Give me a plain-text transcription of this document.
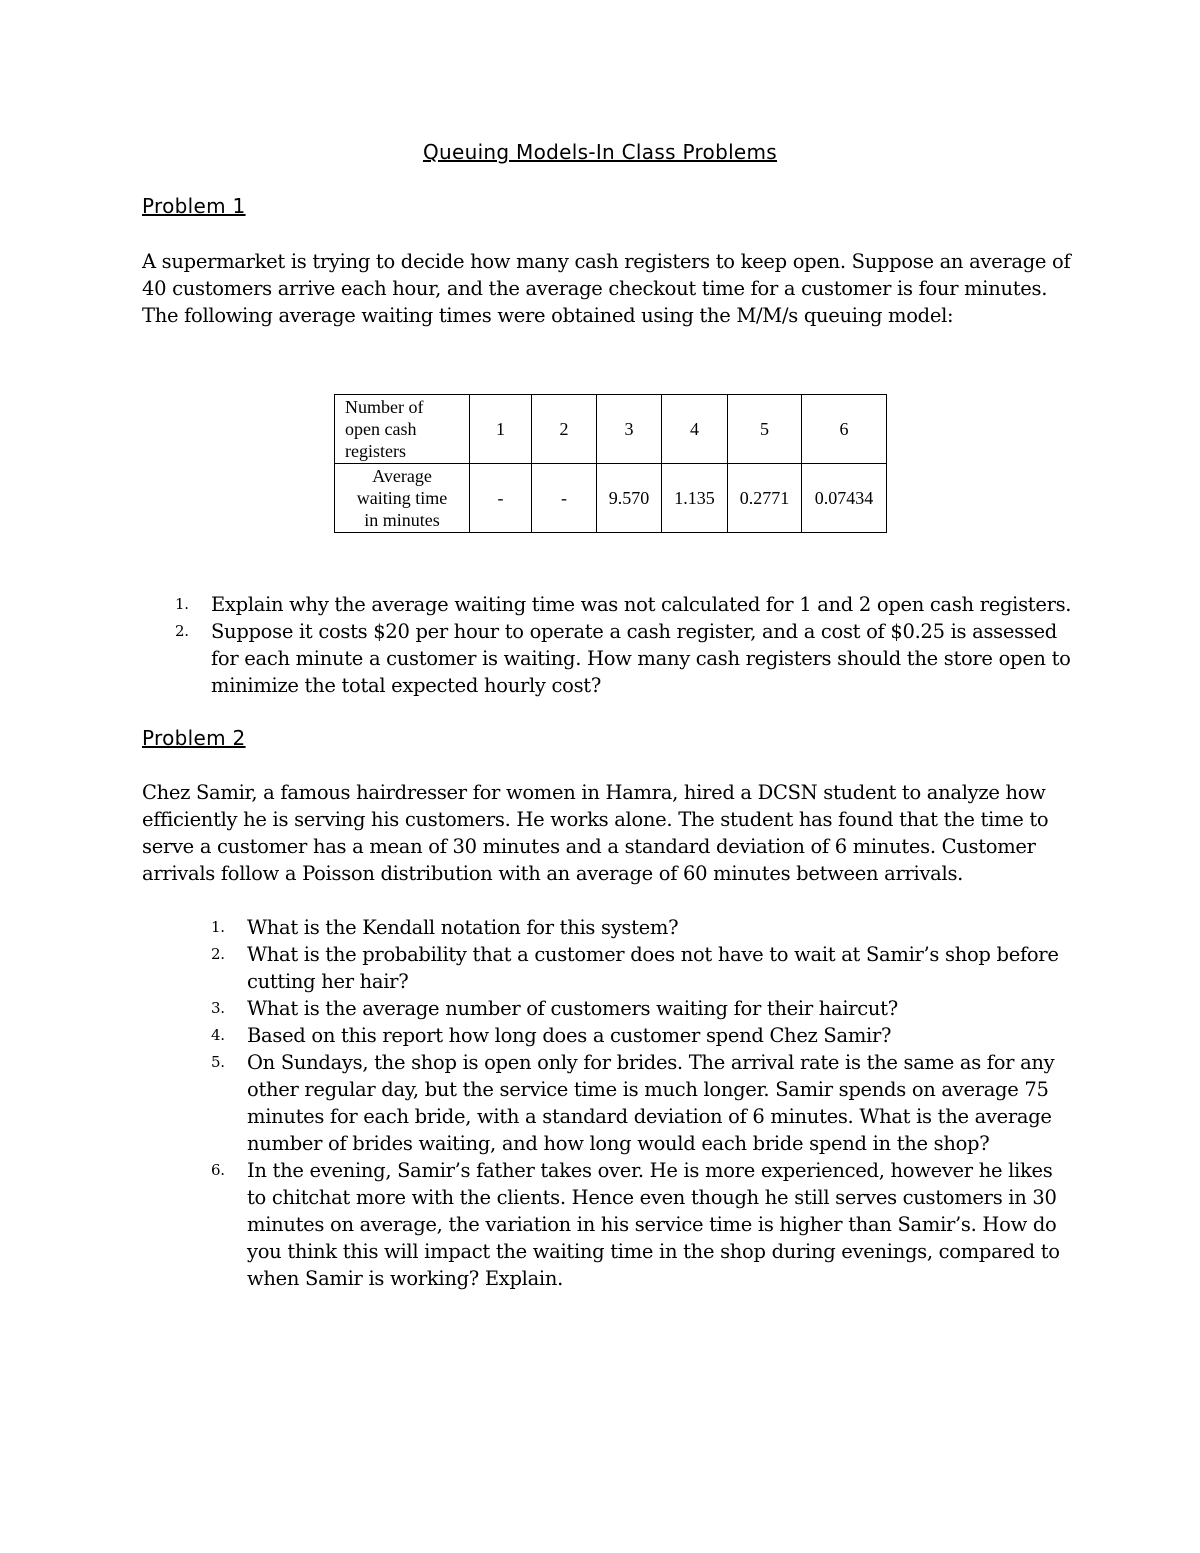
Queuing Models-In Class Problems
Problem 1
A supermarket is trying to decide how many cash registers to keep open. Suppose an average of
40 customers arrive each hour, and the average checkout time for a customer is four minutes.
The following average waiting times were obtained using the M/M/s queuing model:
Number of
open cash
registers	1	2	3	4	5	6

Average
waiting time
in minutes	-	-	9.570	1.135	0.2771	0.07434
1. Explain why the average waiting time was not calculated for 1 and 2 open cash registers.
2. Suppose it costs $20 per hour to operate a cash register, and a cost of $0.25 is assessed
for each minute a customer is waiting. How many cash registers should the store open to
minimize the total expected hourly cost?
Problem 2
Chez Samir, a famous hairdresser for women in Hamra, hired a DCSN student to analyze how
efficiently he is serving his customers. He works alone. The student has found that the time to
serve a customer has a mean of 30 minutes and a standard deviation of 6 minutes. Customer
arrivals follow a Poisson distribution with an average of 60 minutes between arrivals.
1. What is the Kendall notation for this system?
2. What is the probability that a customer does not have to wait at Samir’s shop before
cutting her hair?
3. What is the average number of customers waiting for their haircut?
4. Based on this report how long does a customer spend Chez Samir?
5. On Sundays, the shop is open only for brides. The arrival rate is the same as for any
other regular day, but the service time is much longer. Samir spends on average 75
minutes for each bride, with a standard deviation of 6 minutes. What is the average
number of brides waiting, and how long would each bride spend in the shop?
6. In the evening, Samir’s father takes over. He is more experienced, however he likes
to chitchat more with the clients. Hence even though he still serves customers in 30
minutes on average, the variation in his service time is higher than Samir’s. How do
you think this will impact the waiting time in the shop during evenings, compared to
when Samir is working? Explain.
